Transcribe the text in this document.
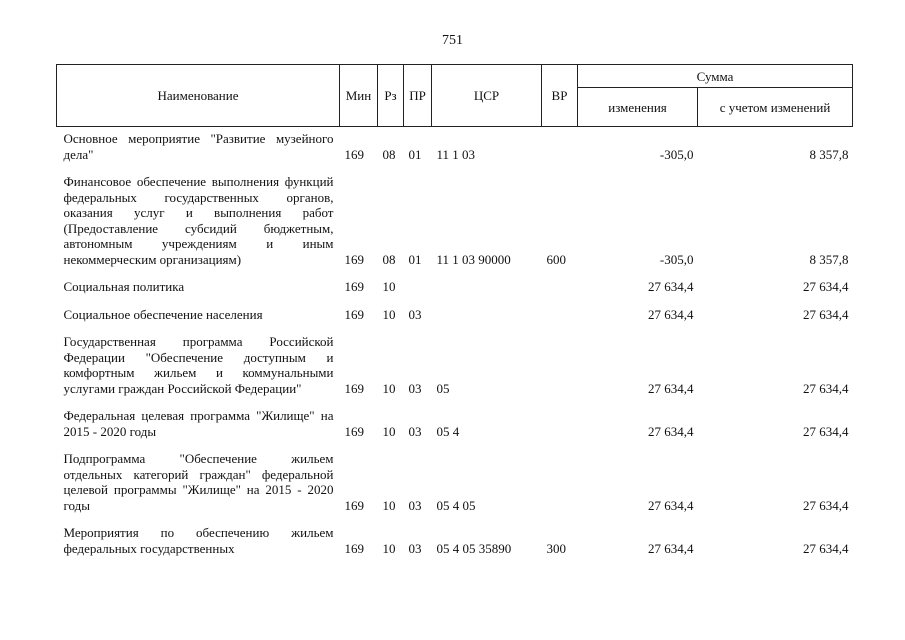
751
Наименование	Мин	Рз	ПР	ЦСР	ВР	Сумма	
						изменения	с учетом изменений
Основное мероприятие "Развитие музейного дела"	169	08	01	11 1 03		-305,0	8 357,8
Финансовое обеспечение выполнения функций федеральных государственных органов, оказания услуг и выполнения работ (Предоставление субсидий бюджетным, автономным учреждениям и иным некоммерческим организациям)	169	08	01	11 1 03 90000	600	-305,0	8 357,8
Социальная политика	169	10				27 634,4	27 634,4
Социальное обеспечение населения	169	10	03			27 634,4	27 634,4
Государственная программа Российской Федерации "Обеспечение доступным и комфортным жильем и коммунальными услугами граждан Российской Федерации"	169	10	03	05		27 634,4	27 634,4
Федеральная целевая программа "Жилище" на 2015 - 2020 годы	169	10	03	05 4		27 634,4	27 634,4
Подпрограмма "Обеспечение жильем отдельных категорий граждан" федеральной целевой программы "Жилище" на 2015 - 2020 годы	169	10	03	05 4 05		27 634,4	27 634,4
Мероприятия по обеспечению жильем федеральных государственных	169	10	03	05 4 05 35890	300	27 634,4	27 634,4
